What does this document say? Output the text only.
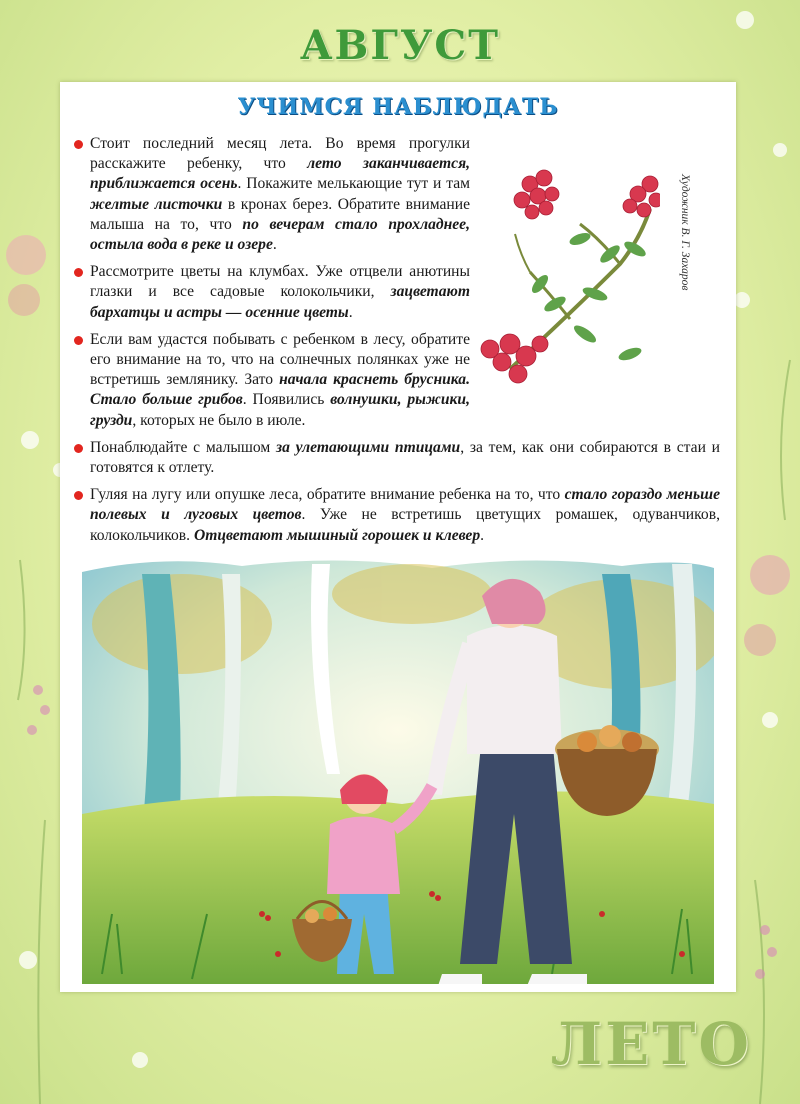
АВГУСТ
УЧИМСЯ НАБЛЮДАТЬ
Художник В. Г. Захаров

Стоит последний месяц лета. Во время прогулки расскажите ребенку, что лето заканчивается, приближается осень. Покажите мелькающие тут и там желтые листочки в кронах берез. Обратите внимание малыша на то, что по вечерам стало прохладнее, остыла вода в реке и озере.

Рассмотрите цветы на клумбах. Уже отцвели анютины глазки и все садовые колокольчики, зацветают бархатцы и астры — осенние цветы.

Если вам удастся побывать с ребенком в лесу, обратите его внимание на то, что на солнечных полянках уже не встретишь землянику. Зато начала краснеть брусника. Стало больше грибов. Появились волнушки, рыжики, грузди, которых не было в июле.

Понаблюдайте с малышом за улетающими птицами, за тем, как они собираются в стаи и готовятся к отлету.

Гуляя на лугу или опушке леса, обратите внимание ребенка на то, что стало гораздо меньше полевых и луговых цветов. Уже не встретишь цветущих ромашек, одуванчиков, колокольчиков. Отцветают мышиный горошек и клевер.

ЛЕТО
